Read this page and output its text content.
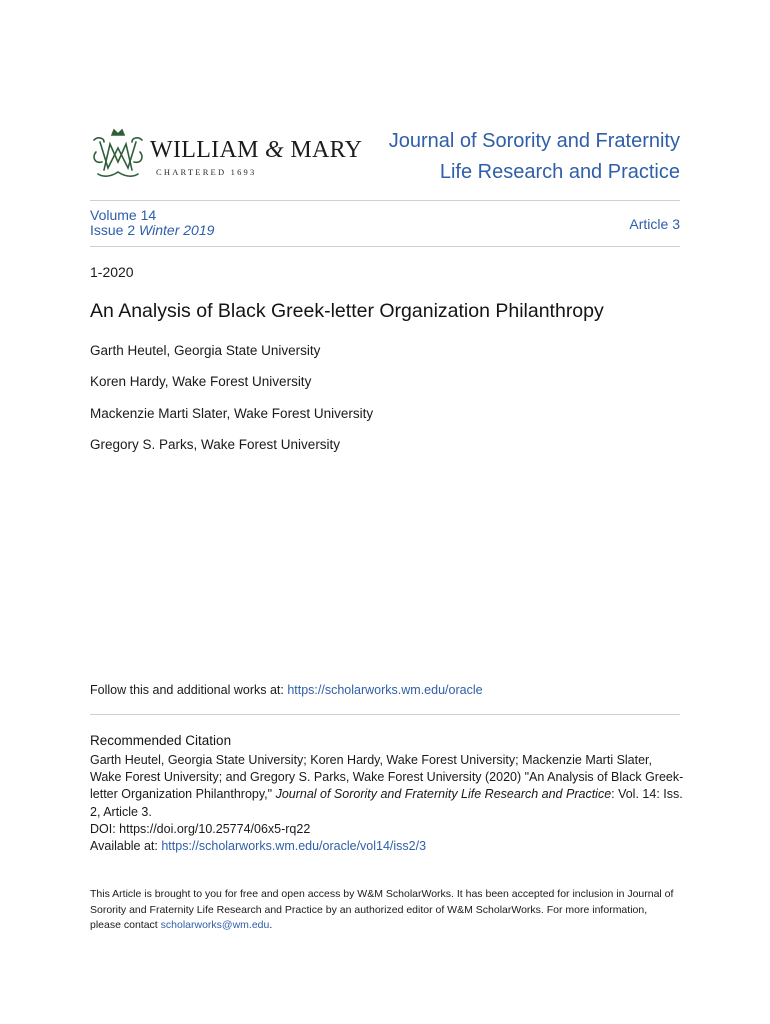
WILLIAM & MARY
CHARTERED 1693
Journal of Sorority and Fraternity
Life Research and Practice
Volume 14
Issue 2 Winter 2019	Article 3
1-2020
An Analysis of Black Greek-letter Organization Philanthropy
Garth Heutel, Georgia State University
Koren Hardy, Wake Forest University
Mackenzie Marti Slater, Wake Forest University
Gregory S. Parks, Wake Forest University
Follow this and additional works at: https://scholarworks.wm.edu/oracle
Recommended Citation
Garth Heutel, Georgia State University; Koren Hardy, Wake Forest University; Mackenzie Marti Slater, Wake Forest University; and Gregory S. Parks, Wake Forest University (2020) "An Analysis of Black Greek-letter Organization Philanthropy," Journal of Sorority and Fraternity Life Research and Practice: Vol. 14: Iss. 2, Article 3.
DOI: https://doi.org/10.25774/06x5-rq22
Available at: https://scholarworks.wm.edu/oracle/vol14/iss2/3
This Article is brought to you for free and open access by W&M ScholarWorks. It has been accepted for inclusion in Journal of Sorority and Fraternity Life Research and Practice by an authorized editor of W&M ScholarWorks. For more information, please contact scholarworks@wm.edu.
